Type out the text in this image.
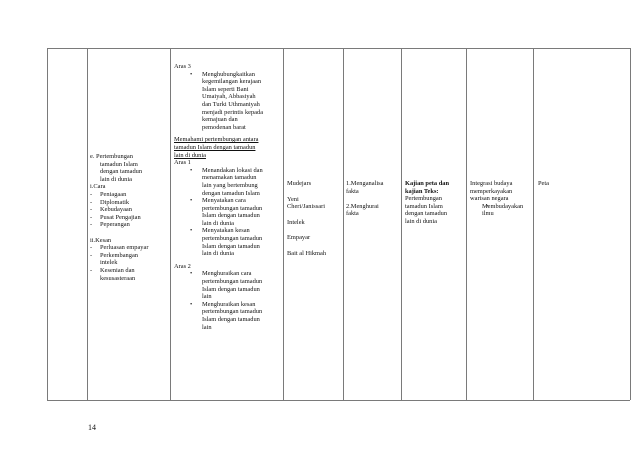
e. Pertembungan
tamadun Islam
dengan tamadun
lain di dunia
i.Cara
- Peniagaan
- Diplomatik
- Kebudayaan
- Pusat Pengajian
- Peperangan
ii.Kesan
- Perluasan empayar
- Perkembangan
intelek
- Kesenian dan
kesusasteraan
Aras 3
• Menghubungkaitkan
kegemilangan kerajaan
Islam seperti Bani
Umaiyah, Abbasiyah
dan Turki Uthmaniyah
menjadi perintis kepada
kemajuan dan
pemodenan barat
Memahami pertembungan antara
tamadun Islam dengan tamadun
lain di dunia
Aras 1
• Menandakan lokasi dan
menamakan tamadun
lain yang bertembung
dengan tamadun Islam
• Menyatakan cara
pertembungan tamadun
Islam dengan tamadun
lain di dunia
• Menyatakan kesan
pertembungan tamadun
Islam dengan tamadun
lain di dunia
Aras 2
• Menghuraikan cara
pertembungan tamadun
Islam dengan tamadun
lain
• Menghuraikan kesan
pertembungan tamadun
Islam dengan tamadun
lain
Mudejars
Yeni
Cheri/Janissari
Intelek
Empayar
Bait al Hikmah
1.Menganalisa
fakta
2.Menghurai
fakta
Kajian peta dan
kajian Teks:
Pertembungan
tamadun Islam
dengan tamadun
lain di dunia
Integrasi budaya
memperkayakan
warisan negara
• Membudayakan
ilmu
Peta
14
